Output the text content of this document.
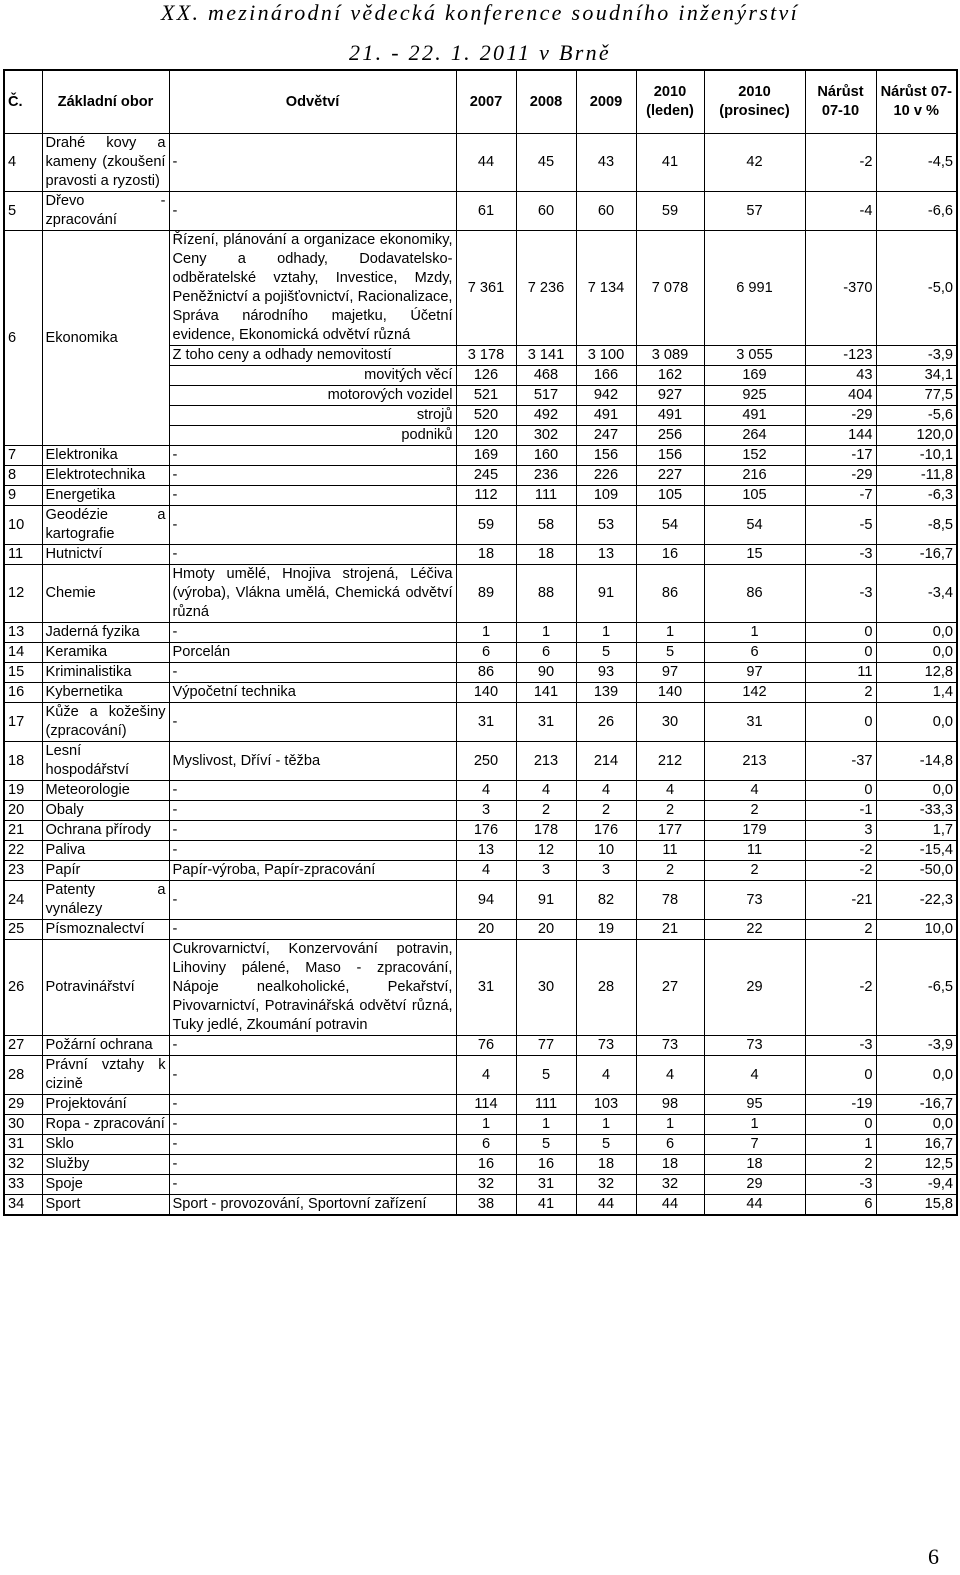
XX. mezinárodní vědecká konference soudního inženýrství
21. - 22. 1. 2011 v Brně
Č.	Základní obor	Odvětví	2007	2008	2009	2010 (leden)	2010 (prosinec)	Nárůst 07-10	Nárůst 07-10 v %
4	Drahé kovy a kameny (zkoušení pravosti a ryzosti)	-	44	45	43	41	42	-2	-4,5
5	Dřevo - zpracování	-	61	60	60	59	57	-4	-6,6
6	Ekonomika	Řízení, plánování a organizace ekonomiky, Ceny a odhady, Dodavatelsko-odběratelské vztahy, Investice, Mzdy, Peněžnictví a pojišťovnictví, Racionalizace, Správa národního majetku, Účetní evidence, Ekonomická odvětví různá	7 361	7 236	7 134	7 078	6 991	-370	-5,0
		Z toho ceny a odhady nemovitostí	3 178	3 141	3 100	3 089	3 055	-123	-3,9
		movitých věcí	126	468	166	162	169	43	34,1
		motorových vozidel	521	517	942	927	925	404	77,5
		strojů	520	492	491	491	491	-29	-5,6
		podniků	120	302	247	256	264	144	120,0
7	Elektronika	-	169	160	156	156	152	-17	-10,1
8	Elektrotechnika	-	245	236	226	227	216	-29	-11,8
9	Energetika	-	112	111	109	105	105	-7	-6,3
10	Geodézie a kartografie	-	59	58	53	54	54	-5	-8,5
11	Hutnictví	-	18	18	13	16	15	-3	-16,7
12	Chemie	Hmoty umělé, Hnojiva strojená, Léčiva (výroba), Vlákna umělá, Chemická odvětví různá	89	88	91	86	86	-3	-3,4
13	Jaderná fyzika	-	1	1	1	1	1	0	0,0
14	Keramika	Porcelán	6	6	5	5	6	0	0,0
15	Kriminalistika	-	86	90	93	97	97	11	12,8
16	Kybernetika	Výpočetní technika	140	141	139	140	142	2	1,4
17	Kůže a kožešiny (zpracování)	-	31	31	26	30	31	0	0,0
18	Lesní hospodářství	Myslivost, Dříví - těžba	250	213	214	212	213	-37	-14,8
19	Meteorologie	-	4	4	4	4	4	0	0,0
20	Obaly	-	3	2	2	2	2	-1	-33,3
21	Ochrana přírody	-	176	178	176	177	179	3	1,7
22	Paliva	-	13	12	10	11	11	-2	-15,4
23	Papír	Papír-výroba, Papír-zpracování	4	3	3	2	2	-2	-50,0
24	Patenty a vynálezy	-	94	91	82	78	73	-21	-22,3
25	Písmoznalectví	-	20	20	19	21	22	2	10,0
26	Potravinářství	Cukrovarnictví, Konzervování potravin, Lihoviny pálené, Maso - zpracování, Nápoje nealkoholické, Pekařství, Pivovarnictví, Potravinářská odvětví různá, Tuky jedlé, Zkoumání potravin	31	30	28	27	29	-2	-6,5
27	Požární ochrana	-	76	77	73	73	73	-3	-3,9
28	Právní vztahy k cizině	-	4	5	4	4	4	0	0,0
29	Projektování	-	114	111	103	98	95	-19	-16,7
30	Ropa - zpracování	-	1	1	1	1	1	0	0,0
31	Sklo	-	6	5	5	6	7	1	16,7
32	Služby	-	16	16	18	18	18	2	12,5
33	Spoje	-	32	31	32	32	29	-3	-9,4
34	Sport	Sport - provozování, Sportovní zařízení	38	41	44	44	44	6	15,8
6
